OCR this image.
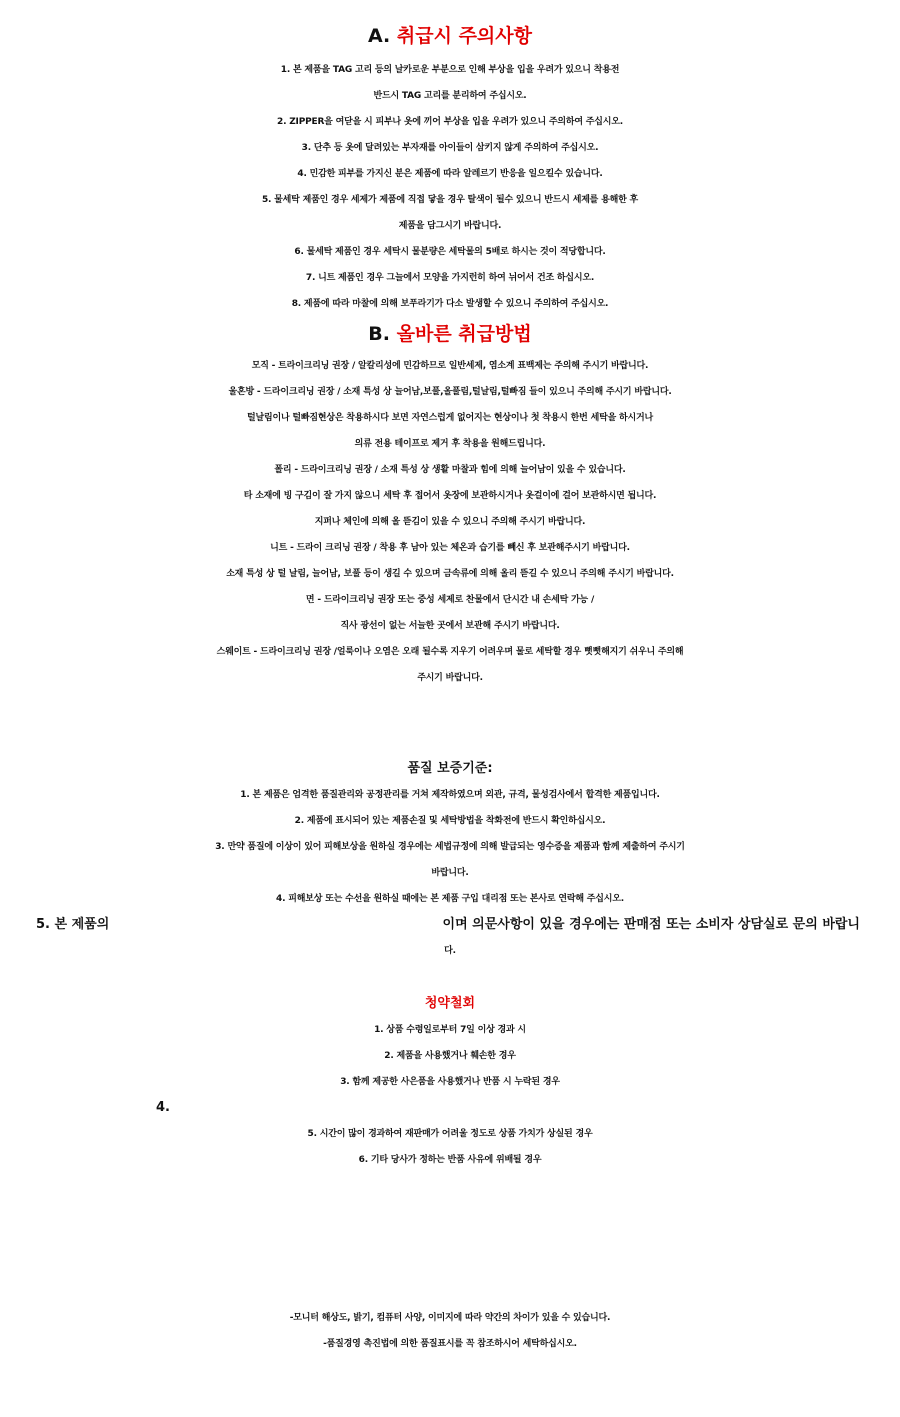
A. 취급시 주의사항
1. 본 제품을 TAG 고리 등의 날카로운 부분으로 인해 부상을 입을 우려가 있으니 착용전
반드시 TAG 고리를 분리하여 주십시오.
2. ZIPPER을 여닫을 시 피부나 옷에 끼어 부상을 입을 우려가 있으니 주의하여 주십시오.
3. 단추 등 옷에 달려있는 부자재를 아이들이 삼키지 않게 주의하여 주십시오.
4. 민감한 피부를 가지신 분은 제품에 따라 알레르기 반응을 일으킬수 있습니다.
5. 물세탁 제품인 경우 세제가 제품에 직접 닿을 경우 탈색이 될수 있으니 반드시 세제를 용해한 후
제품을 담그시기 바랍니다.
6. 물세탁 제품인 경우 세탁시 물분량은 세탁물의 5배로 하시는 것이 적당합니다.
7. 니트 제품인 경우 그늘에서 모양을 가지런히 하여 뉘어서 건조 하십시오.
8. 제품에 따라 마찰에 의해 보푸라기가 다소 발생할 수 있으니 주의하여 주십시오.
B. 올바른 취급방법
모직 - 트라이크리닝 권장 / 알칼리성에 민감하므로 일반세제, 염소계 표백제는 주의해 주시기 바랍니다.
울혼방 - 드라이크리닝 권장 / 소재 특성 상 늘어남,보풀,올풀림,털날림,털빠짐 들이 있으니 주의해 주시기 바랍니다.
털날림이나 털빠짐현상은 착용하시다 보면 자연스럽게 없어지는 현상이나 첫 착용시 한번 세탁을 하시거나
의류 전용 테이프로 제거 후 착용을 원해드립니다.
폴리 - 드라이크리닝 권장 / 소재 특성 상 생활 마찰과 힘에 의해 늘어남이 있을 수 있습니다.
타 소재에 빙 구김이 잘 가지 않으니 세탁 후 접어서 옷장에 보관하시거나 옷걸이에 걸어 보관하시면 됩니다.
지퍼나 체인에 의해 올 뜯김이 있을 수 있으니 주의해 주시기 바랍니다.
니트 - 드라이 크리닝 권장 / 착용 후 남아 있는 체온과 습기를 빼신 후 보관해주시기 바랍니다.
소재 특성 상 털 날림, 늘어남, 보풀 등이 생길 수 있으며 금속류에 의해 올리 뜯길 수 있으니 주의해 주시기 바랍니다.
면 - 드라이크리닝 권장 또는 중성 세제로 찬물에서 단시간 내 손세탁 가능 /
직사 광선이 없는 서늘한 곳에서 보관해 주시기 바랍니다.
스웨이트 - 드라이크리닝 권장 /얼룩이나 오염은 오래 될수록 지우기 어려우며 물로 세탁할 경우 뻣뻣해지기 쉬우니 주의해
주시기 바랍니다.
품질 보증기준:
1. 본 제품은 엄격한 품질관리와 공정관리를 거쳐 제작하였으며 외관, 규격, 물성검사에서 합격한 제품입니다.
2. 제품에 표시되어 있는 제품손질 및 세탁방법을 착화전에 반드시 확인하십시오.
3. 만약 품질에 이상이 있어 피해보상을 원하실 경우에는 세법규정에 의해 발급되는 영수증을 제품과 함께 제출하여 주시기
바랍니다.
4. 피해보상 또는 수선을 원하실 때에는 본 제품 구입 대리점 또는 본사로 연락해 주십시오.
5. 본 제품의	이며 의문사항이 있을 경우에는 판매점 또는 소비자 상담실로 문의 바랍니
다.
청약철회
1. 상품 수령일로부터 7일 이상 경과 시
2. 제품을 사용했거나 훼손한 경우
3. 함께 제공한 사은품을 사용했거나 반품 시 누락된 경우
4.
5. 시간이 많이 경과하여 재판매가 어려울 정도로 상품 가치가 상실된 경우
6. 기타 당사가 정하는 반품 사유에 위배될 경우
-모니터 해상도, 밝기, 컴퓨터 사양, 이미지에 따라 약간의 차이가 있을 수 있습니다.
-품질경영 촉진법에 의한 품질표시를 꼭 참조하시어 세탁하십시오.
